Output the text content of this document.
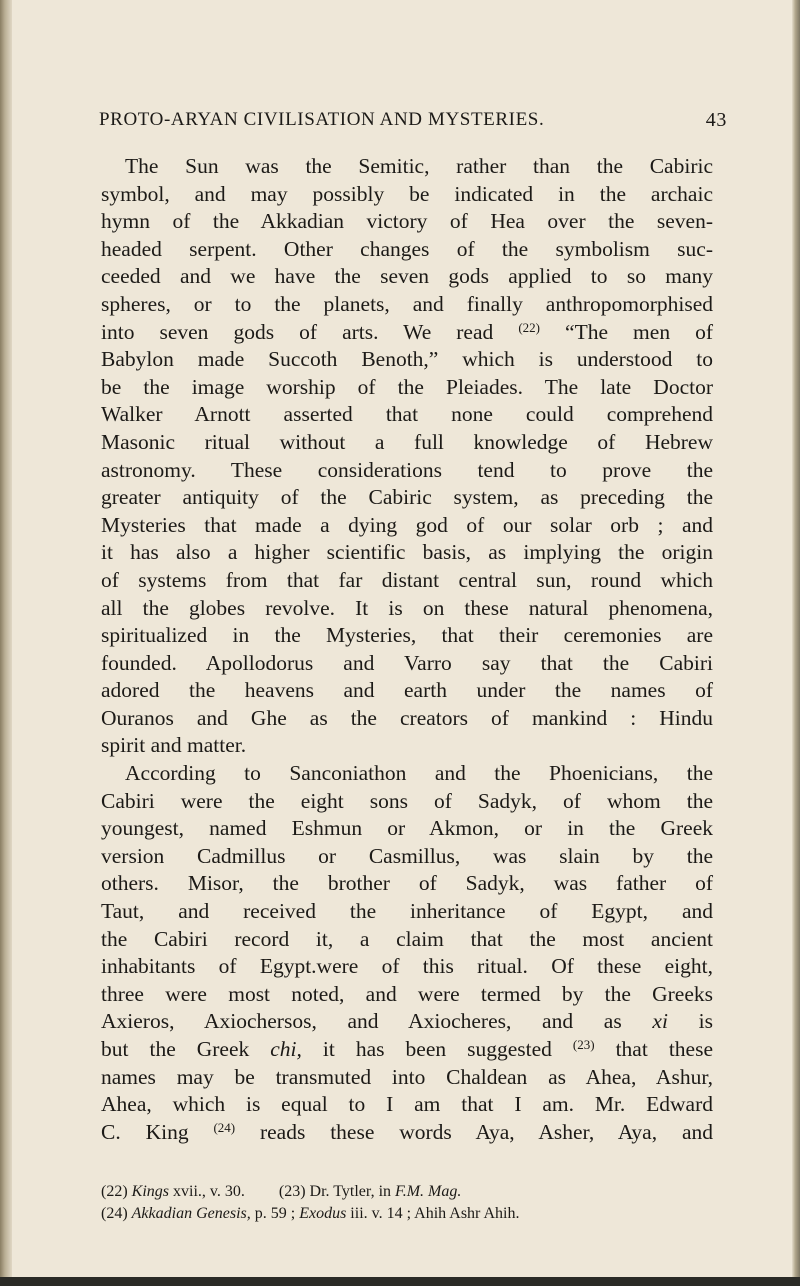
PROTO-ARYAN CIVILISATION AND MYSTERIES.	43
The Sun was the Semitic, rather than the Cabiric
symbol, and may possibly be indicated in the archaic
hymn of the Akkadian victory of Hea over the seven-
headed serpent. Other changes of the symbolism suc-
ceeded and we have the seven gods applied to so many
spheres, or to the planets, and finally anthropomorphised
into seven gods of arts. We read $^{(22)}$ “The men of
Babylon made Succoth Benoth,” which is understood to
be the image worship of the Pleiades. The late Doctor
Walker Arnott asserted that none could comprehend
Masonic ritual without a full knowledge of Hebrew
astronomy. These considerations tend to prove the
greater antiquity of the Cabiric system, as preceding the
Mysteries that made a dying god of our solar orb ; and
it has also a higher scientific basis, as implying the origin
of systems from that far distant central sun, round which
all the globes revolve. It is on these natural phenomena,
spiritualized in the Mysteries, that their ceremonies are
founded. Apollodorus and Varro say that the Cabiri
adored the heavens and earth under the names of
Ouranos and Ghe as the creators of mankind : Hindu
spirit and matter.
According to Sanconiathon and the Phoenicians, the
Cabiri were the eight sons of Sadyk, of whom the
youngest, named Eshmun or Akmon, or in the Greek
version Cadmillus or Casmillus, was slain by the
others. Misor, the brother of Sadyk, was father of
Taut, and received the inheritance of Egypt, and
the Cabiri record it, a claim that the most ancient
inhabitants of Egypt.were of this ritual. Of these eight,
three were most noted, and were termed by the Greeks
Axieros, Axiochersos, and Axiocheres, and as xi is
but the Greek chi, it has been suggested $^{(23)}$ that these
names may be transmuted into Chaldean as Ahea, Ashur,
Ahea, which is equal to I am that I am. Mr. Edward
C. King $^{(24)}$ reads these words Aya, Asher, Aya, and
(22) Kings xvii., v. 30. (23) Dr. Tytler, in F.M. Mag.
(24) Akkadian Genesis, p. 59 ; Exodus iii. v. 14 ; Ahih Ashr Ahih.
